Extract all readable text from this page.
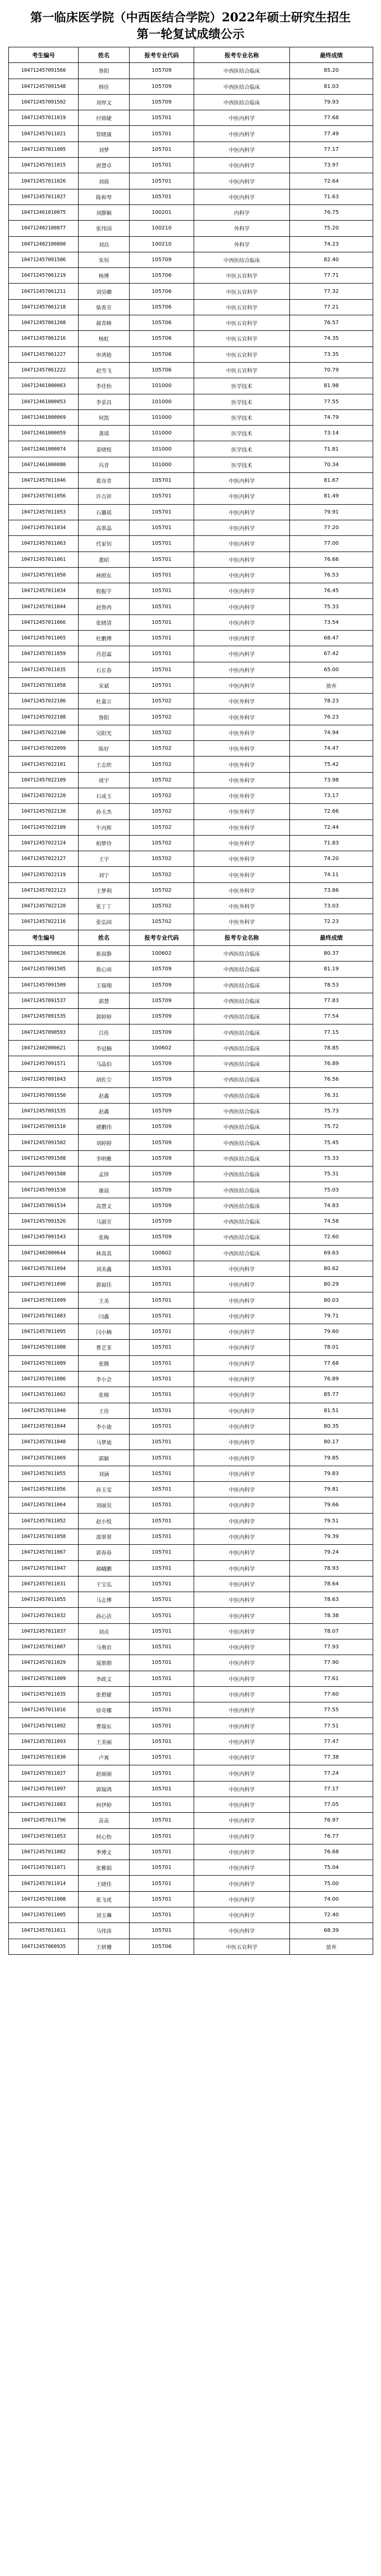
第一临床医学院（中西医结合学院）2022年硕士研究生招生
第一轮复试成绩公示
考生编号	姓名	报考专业代码	报考专业名称	最终成绩
104712457091560	鲁阳	105709	中西医结合临床	85.20
104712457091548	韩佳	105709	中西医结合临床	81.03
104712457091502	刘厚文	105709	中西医结合临床	79.93
104712457011019	付锦婕	105701	中医内科学	77.68
104712457011021	管晓康	105701	中医内科学	77.49
104712457011005	刘梦	105701	中医内科学	77.17
104712457011015	唐慧卓	105701	中医内科学	73.97
104712457011026	刘倩	105701	中医内科学	72.64
104712457011027	陈和琴	105701	中医内科学	71.63
104712461010075	刘静颖	100201	内科学	76.75
104712402100877	张伟国	100210	外科学	75.20
104712402100800	刘昌	100210	外科学	74.23
104712457091506	朱钊	105709	中西医结合临床	82.40
104712457061219	杨博	105706	中医五官科学	77.71
104712457061211	刘昊卿	105706	中医五官科学	77.32
104712457061218	柴香芳	105706	中医五官科学	77.21
104712457061208	郝青峰	105706	中医五官科学	76.57
104712457061216	杨虹	105706	中医五官科学	74.35
104712457061227	申鸿艳	105706	中医五官科学	73.35
104712457061222	赵雪飞	105706	中医五官科学	70.79
104712461000063	李佳怡	101000	医学技术	81.98
104712461000053	李景昌	101000	医学技术	77.55
104712461000069	何凯	101000	医学技术	74.79
104712461000059	龚靖	101000	医学技术	73.14
104712461000074	姜晓悦	101000	医学技术	71.81
104712461000080	冯青	101000	医学技术	70.34
104712457011046	葛谷青	105701	中医内科学	81.67
104712457011056	许吉祥	105701	中医内科学	81.49
104712457011053	石璐瑶	105701	中医内科学	79.91
104712457011034	高翠晶	105701	中医内科学	77.20
104712457011063	代家钊	105701	中医内科学	77.00
104712457011061	董昭	105701	中医内科学	76.66
104712457011050	林照东	105701	中医内科学	76.53
104712457011034	程振宇	105701	中医内科学	76.45
104712457011044	赵鲁西	105701	中医内科学	75.33
104712457011066	张晓清	105701	中医内科学	73.54
104712457011065	杜鹏博	105701	中医内科学	68.47
104712457011059	肖思霖	105701	中医内科学	67.42
104712457011035	石长春	105701	中医内科学	65.00
104712457011058	宋斌	105701	中医内科学	放弃
104712457022106	杜嘉言	105702	中医外科学	78.23
104712457022108	鲁阳	105702	中医外科学	76.23
104712457022100	吴阳光	105702	中医外科学	74.94
104712457022099	陈好	105702	中医外科学	74.47
104712457022101	王志欣	105702	中医外科学	75.42
104712457022109	周宇	105702	中医外科学	73.98
104712457022120	石成玉	105702	中医外科学	73.17
104712457022130	孙玉杰	105702	中医外科学	72.66
104712457022109	牛丙辉	105702	中医外科学	72.44
104712457022124	柏梦玲	105702	中医外科学	71.83
104712457022127	王宇	105702	中医外科学	74.20
104712457022119	刘宁	105702	中医外科学	74.11
104712457022123	王梦利	105702	中医外科学	73.86
104712457022120	张丁丁	105702	中医外科学	73.03
104712457022116	张弘园	105702	中医外科学	72.23
考生编号	姓名	报考专业代码	报考专业名称	最终成绩
104712457090626	崔叔静	100602	中西医结合临床	80.37
104712457091505	敖心雨	105709	中西医结合临床	81.19
104712457091509	王瑞翔	105709	中西医结合临床	78.53
104712457091537	郭慧	105709	中西医结合临床	77.83
104712457091535	郭婷婷	105709	中西医结合临床	77.54
104712457090593	吕佳	105709	中西医结合临床	77.15
104712402000621	李冠楠	100602	中西医结合临床	78.85
104712457091571	马晶伯	105709	中西医结合临床	76.89
104712457091043	胡佐尘	105709	中西医结合临床	76.56
104712457091550	赵鑫	105709	中西医结合临床	76.31
104712457091535	赵鑫	105709	中西医结合临床	75.73
104712457091510	褚鹏伟	105709	中西医结合临床	75.72
104712457091502	刘婷婷	105709	中西医结合临床	75.45
104712457091508	李明雅	105709	中西医结合临床	75.33
104712457091588	孟铎	105709	中西医结合临床	75.31
104712457091538	谢晨	105709	中西医结合临床	75.03
104712457091534	高慧文	105709	中西医结合临床	74.83
104712457091526	马淑芳	105709	中西医结合临床	74.58
104712457091543	张梅	105709	中西医结合临床	72.60
104712402000644	林真真	100602	中西医结合临床	69.63
104712457011094	刘美鑫	105701	中医内科学	80.62
104712457011090	郭福佳	105701	中医内科学	80.29
104712457011099	王美	105701	中医内科学	80.03
104712457011083	闫鑫	105701	中医内科学	79.71
104712457011095	闫小楠	105701	中医内科学	79.60
104712457011080	曹艺菲	105701	中医内科学	78.01
104712457011089	张腾	105701	中医内科学	77.68
104712457011086	李小会	105701	中医内科学	76.89
104712457011002	张梯	105701	中医内科学	85.77
104712457011040	王佳	105701	中医内科学	81.51
104712457011044	李小迪	105701	中医内科学	80.35
104712457011048	马梦迪	105701	中医内科学	80.17
104712457011069	郭颖	105701	中医内科学	79.85
104712457011055	刘涵	105701	中医内科学	79.83
104712457011056	孙玉雯	105701	中医内科学	79.81
104712457011064	刘丽昊	105701	中医内科学	79.66
104712457011052	赵小悦	105701	中医内科学	79.51
104712457011058	邵翠翠	105701	中医内科学	79.39
104712457011067	郭春春	105701	中医内科学	79.24
104712457011047	郝峨鹏	105701	中医内科学	78.93
104712457011031	于宝弘	105701	中医内科学	78.64
104712457011055	马志博	105701	中医内科学	78.63
104712457011032	孙心洁	105701	中医内科学	78.38
104712457011037	刘贞	105701	中医内科学	78.07
104712457011007	马奥岩	105701	中医内科学	77.93
104712457011029	晁朋朋	105701	中医内科学	77.90
104712457011009	李政文	105701	中医内科学	77.61
104712457011035	张碧婕	105701	中医内科学	77.60
104712457011016	徐奇娜	105701	中医内科学	77.55
104712457011092	曹瑞东	105701	中医内科学	77.51
104712457011093	王美丽	105701	中医内科学	77.47
104712457011030	卢爽	105701	中医内科学	77.38
104712457011027	赵丽丽	105701	中医内科学	77.24
104712457011097	郭瑞鸿	105701	中医内科学	77.17
104712457011083	何伊婷	105701	中医内科学	77.05
104712457011796	苗苗	105701	中医内科学	76.97
104712457011053	何心怡	105701	中医内科学	76.77
104712457011082	季博文	105701	中医内科学	76.68
104712457011071	张雅娟	105701	中医内科学	75.04
104712457011014	王晓佳	105701	中医内科学	75.00
104712457011008	张飞虎	105701	中医内科学	74.00
104712457011005	刘玉琳	105701	中医内科学	72.40
104712457011011	马伟涛	105701	中医内科学	68.39
104712457060935	王妍珊	105706	中医五官科学	放弃
